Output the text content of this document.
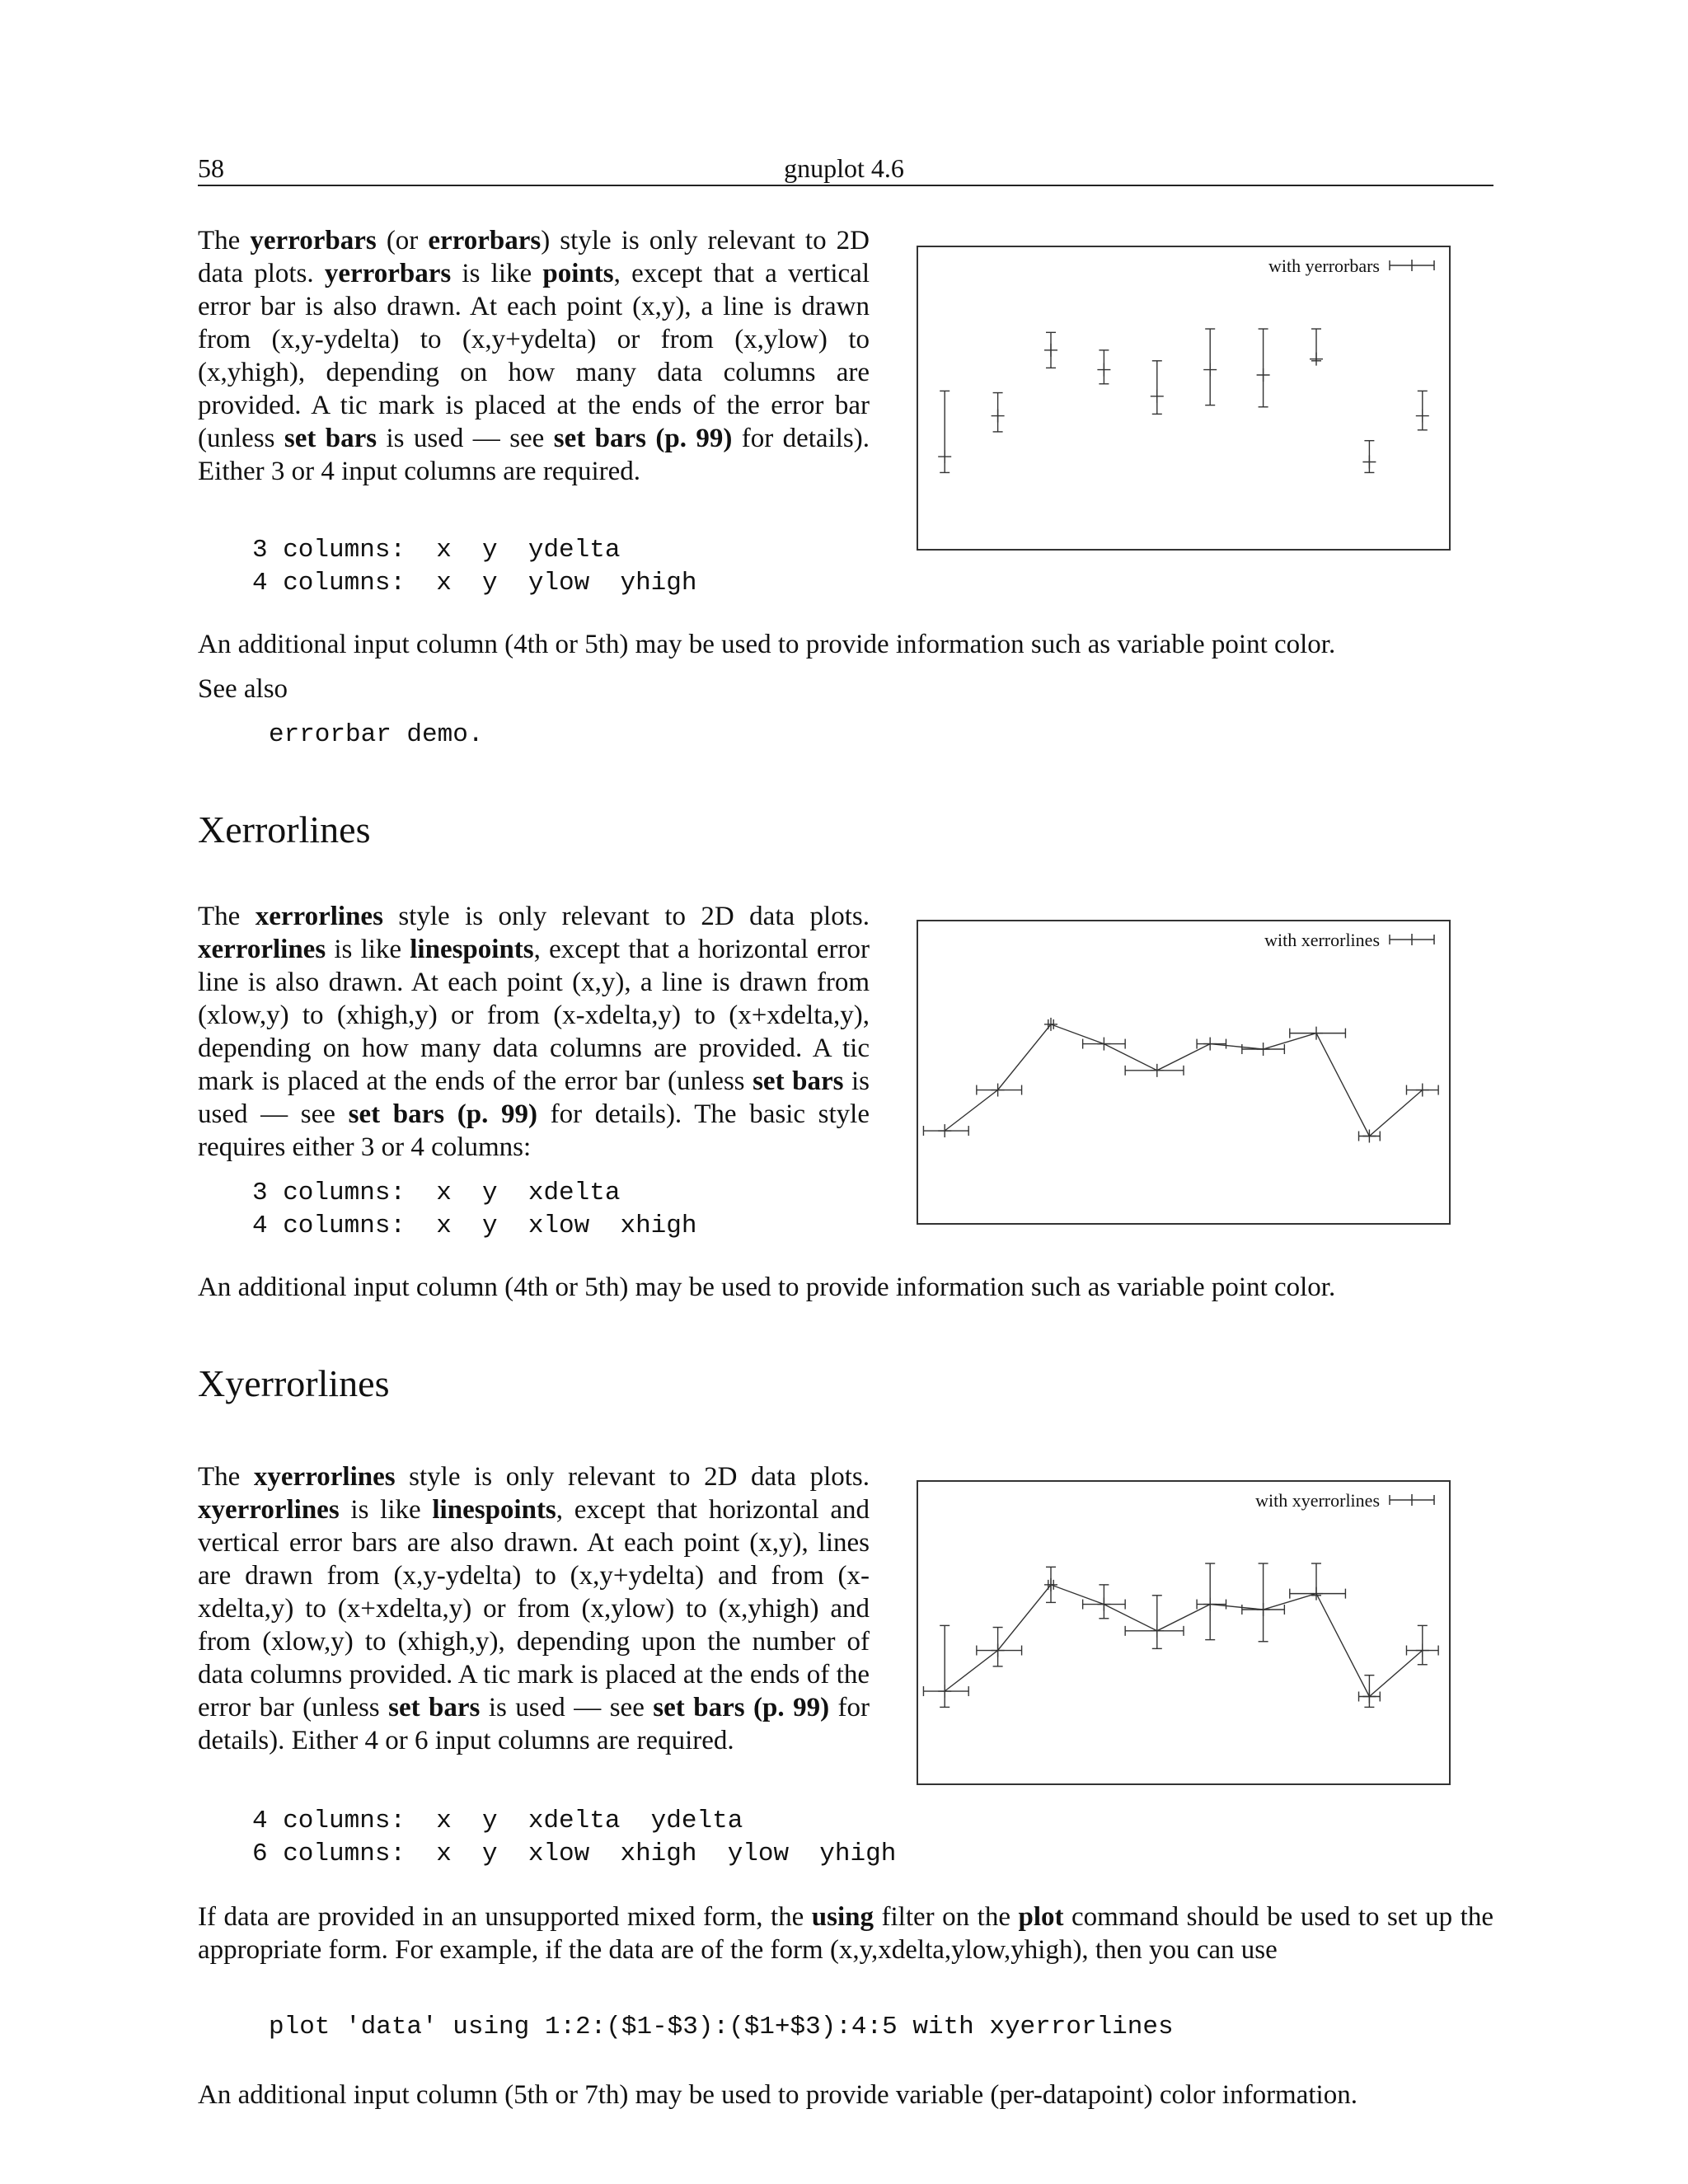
58	gnuplot 4.6
The yerrorbars (or errorbars) style is only relevant to 2D data plots. yerrorbars is like points, except that a vertical error bar is also drawn. At each point (x,y), a line is drawn from (x,y-ydelta) to (x,y+ydelta) or from (x,ylow) to (x,yhigh), depending on how many data columns are provided. A tic mark is placed at the ends of the error bar (unless set bars is used — see set bars (p. 99) for details). Either 3 or 4 input columns are required.
3 columns:  x  y  ydelta
4 columns:  x  y  ylow  yhigh
with yerrorbars
An additional input column (4th or 5th) may be used to provide information such as variable point color.
See also
errorbar demo.
Xerrorlines
The xerrorlines style is only relevant to 2D data plots. xerrorlines is like linespoints, except that a horizontal error line is also drawn. At each point (x,y), a line is drawn from (xlow,y) to (xhigh,y) or from (x-xdelta,y) to (x+xdelta,y), depending on how many data columns are provided. A tic mark is placed at the ends of the error bar (unless set bars is used — see set bars (p. 99) for details). The basic style requires either 3 or 4 columns:
3 columns:  x  y  xdelta
4 columns:  x  y  xlow  xhigh
with xerrorlines
An additional input column (4th or 5th) may be used to provide information such as variable point color.
Xyerrorlines
The xyerrorlines style is only relevant to 2D data plots. xyerrorlines is like linespoints, except that horizontal and vertical error bars are also drawn. At each point (x,y), lines are drawn from (x,y-ydelta) to (x,y+ydelta) and from (x-xdelta,y) to (x+xdelta,y) or from (x,ylow) to (x,yhigh) and from (xlow,y) to (xhigh,y), depending upon the number of data columns provided. A tic mark is placed at the ends of the error bar (unless set bars is used — see set bars (p. 99) for details). Either 4 or 6 input columns are required.
4 columns:  x  y  xdelta  ydelta
6 columns:  x  y  xlow  xhigh  ylow  yhigh
with xyerrorlines
If data are provided in an unsupported mixed form, the using filter on the plot command should be used to set up the appropriate form. For example, if the data are of the form (x,y,xdelta,ylow,yhigh), then you can use
plot 'data' using 1:2:($1-$3):($1+$3):4:5 with xyerrorlines
An additional input column (5th or 7th) may be used to provide variable (per-datapoint) color information.
